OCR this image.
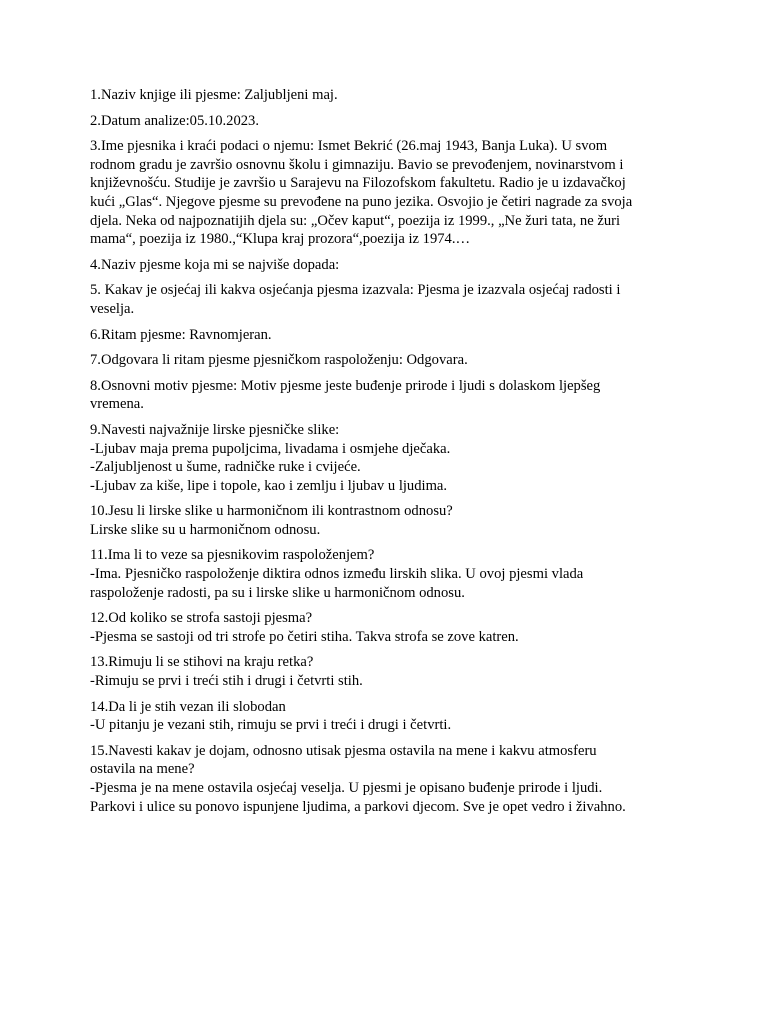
1.Naziv knjige ili pjesme: Zaljubljeni maj.

2.Datum analize:05.10.2023.

3.Ime pjesnika i kraći podaci o njemu: Ismet Bekrić (26.maj 1943, Banja Luka). U svom
rodnom gradu je završio osnovnu školu i gimnaziju. Bavio se prevođenjem, novinarstvom i
književnošću. Studije je završio u Sarajevu na Filozofskom fakultetu. Radio je u izdavačkoj
kući „Glas“. Njegove pjesme su prevođene na puno jezika. Osvojio je četiri nagrade za svoja
djela. Neka od najpoznatijih djela su: „Očev kaput“, poezija iz 1999., „Ne žuri tata, ne žuri
mama“, poezija iz 1980.,“Klupa kraj prozora“,poezija iz 1974.…

4.Naziv pjesme koja mi se najviše dopada:

5. Kakav je osjećaj ili kakva osjećanja pjesma izazvala: Pjesma je izazvala osjećaj radosti i
veselja.

6.Ritam pjesme: Ravnomjeran.

7.Odgovara li ritam pjesme pjesničkom raspoloženju: Odgovara.

8.Osnovni motiv pjesme: Motiv pjesme jeste buđenje prirode i ljudi s dolaskom ljepšeg
vremena.

9.Navesti najvažnije lirske pjesničke slike:
-Ljubav maja prema pupoljcima, livadama i osmjehe dječaka.
-Zaljubljenost u šume, radničke ruke i cvijeće.
-Ljubav za kiše, lipe i topole, kao i zemlju i ljubav u ljudima.

10.Jesu li lirske slike u harmoničnom ili kontrastnom odnosu?
Lirske slike su u harmoničnom odnosu.

11.Ima li to veze sa pjesnikovim raspoloženjem?
-Ima. Pjesničko raspoloženje diktira odnos između lirskih slika. U ovoj pjesmi vlada
raspoloženje radosti, pa su i lirske slike u harmoničnom odnosu.

12.Od koliko se strofa sastoji pjesma?
-Pjesma se sastoji od tri strofe po četiri stiha. Takva strofa se zove katren.

13.Rimuju li se stihovi na kraju retka?
-Rimuju se prvi i treći stih i drugi i četvrti stih.

14.Da li je stih vezan ili slobodan
-U pitanju je vezani stih, rimuju se prvi i treći i drugi i četvrti.

15.Navesti kakav je dojam, odnosno utisak pjesma ostavila na mene i kakvu atmosferu
ostavila na mene?
-Pjesma je na mene ostavila osjećaj veselja. U pjesmi je opisano buđenje prirode i ljudi.
Parkovi i ulice su ponovo ispunjene ljudima, a parkovi djecom. Sve je opet vedro i živahno.
